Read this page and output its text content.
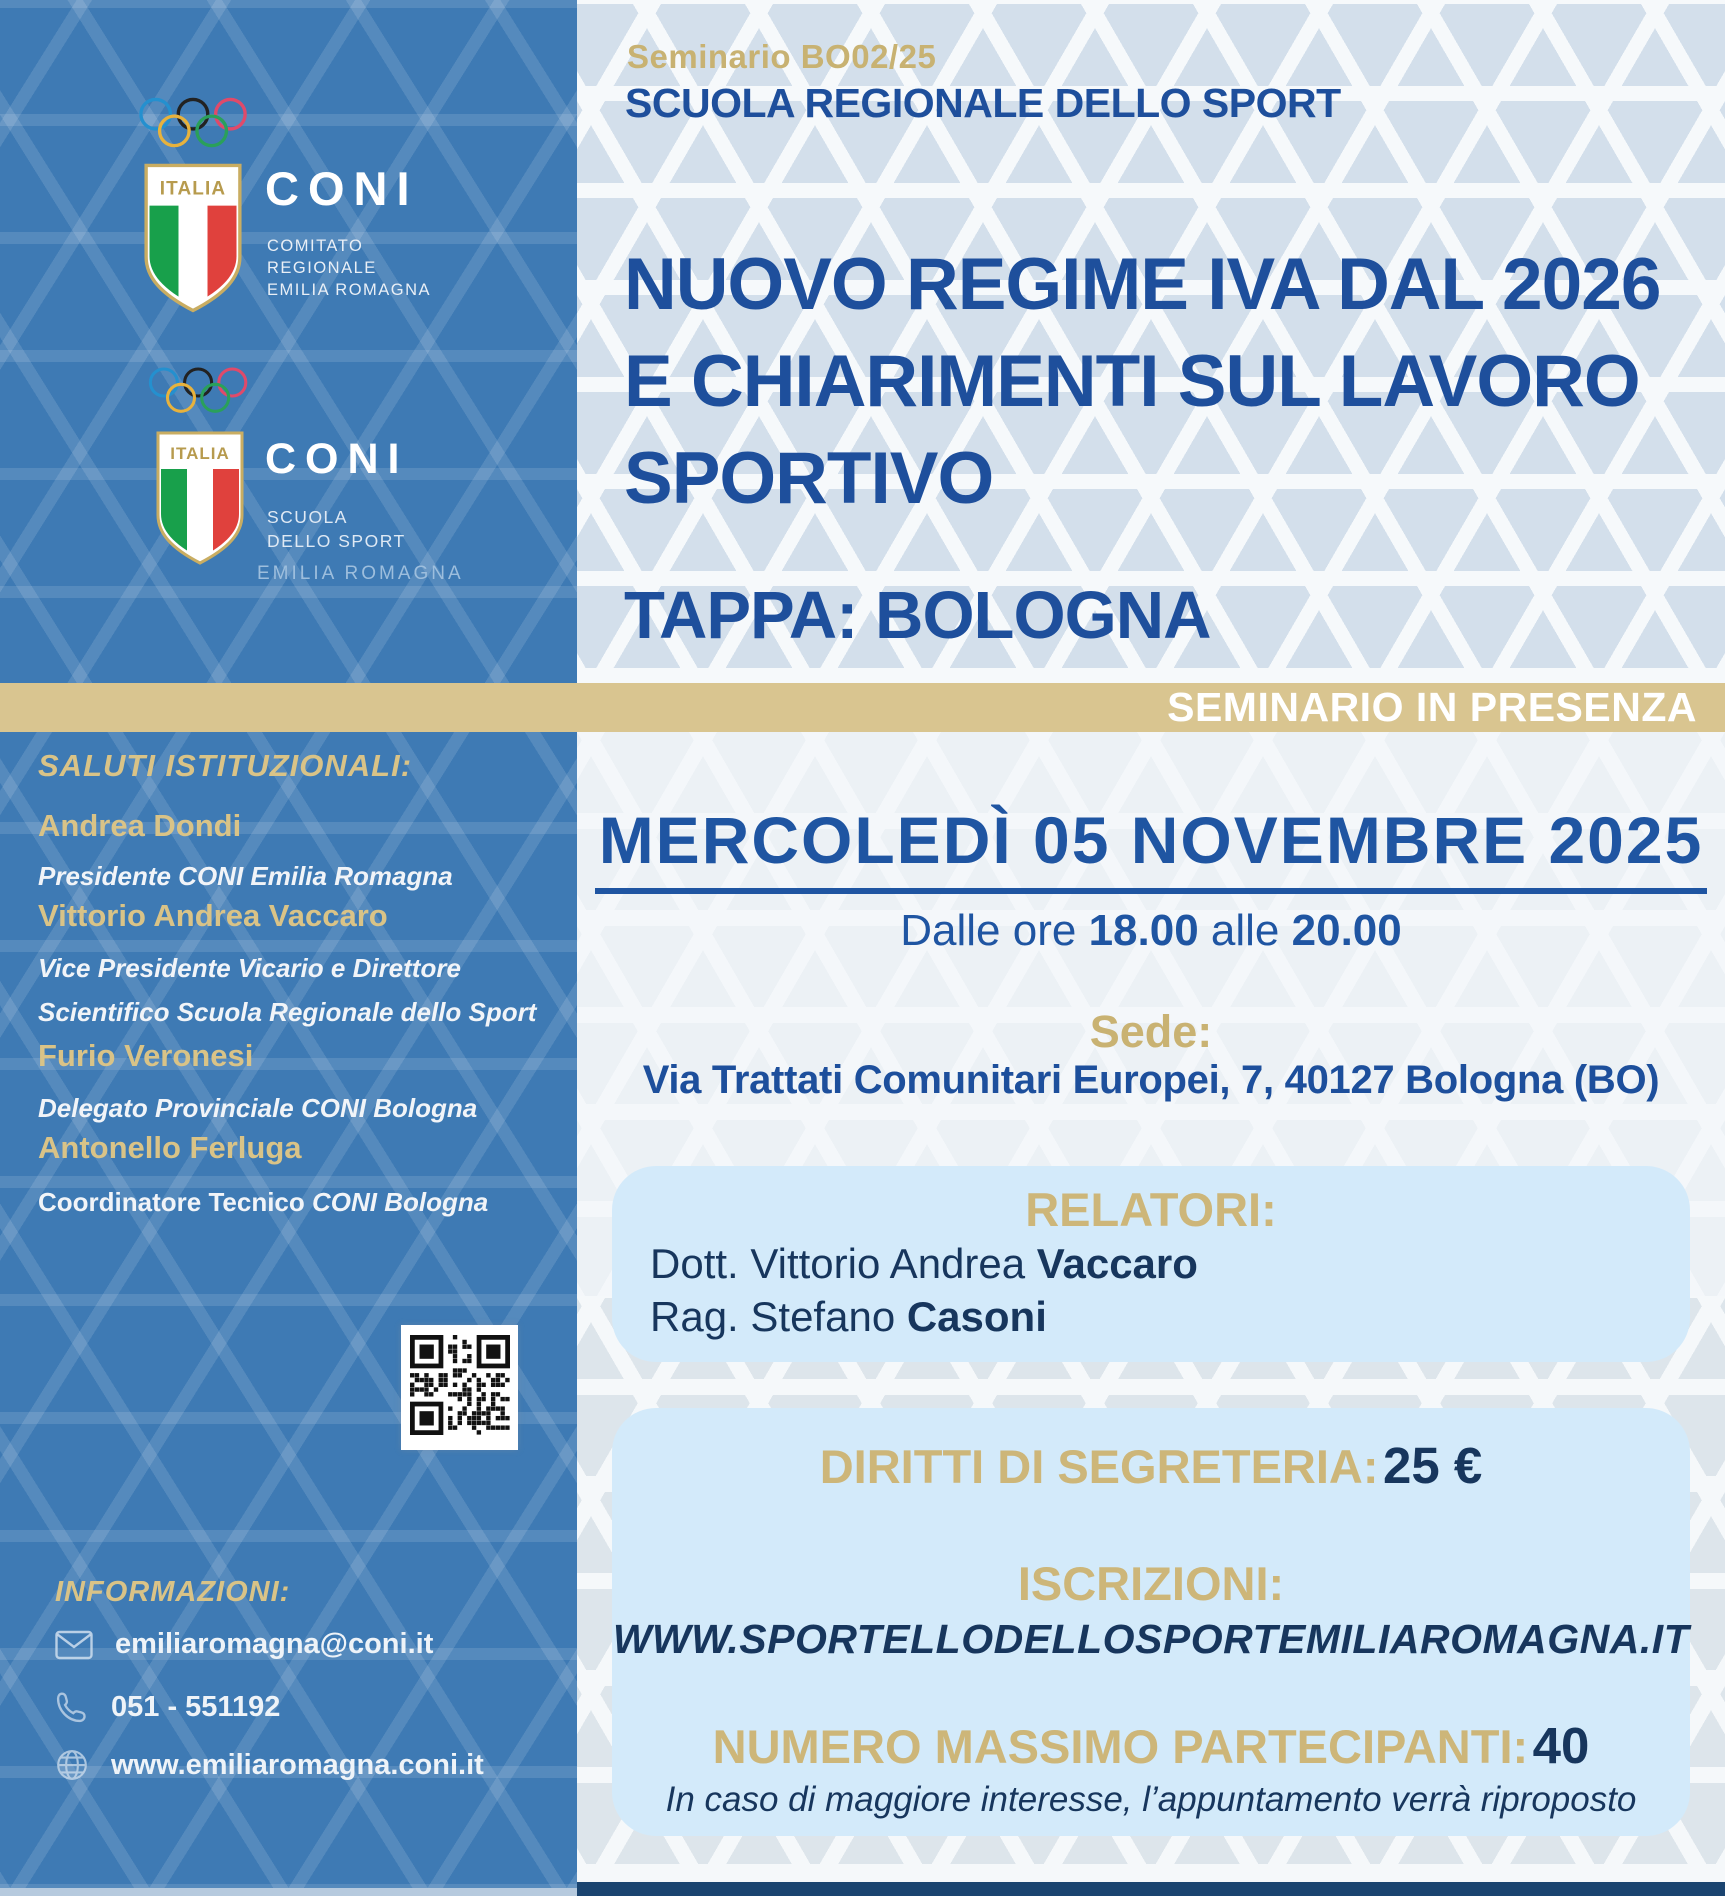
ITALIA CONI
COMITATO
REGIONALE
EMILIA ROMAGNA
ITALIA CONI
SCUOLA
DELLO SPORT
EMILIA ROMAGNA
SALUTI ISTITUZIONALI:
Andrea Dondi
Presidente CONI Emilia Romagna
Vittorio Andrea Vaccaro
Vice Presidente Vicario e Direttore Scientifico Scuola Regionale dello Sport
Furio Veronesi
Delegato Provinciale CONI Bologna
Antonello Ferluga
Coordinatore Tecnico CONI Bologna
INFORMAZIONI:
emiliaromagna@coni.it
051 - 551192
www.emiliaromagna.coni.it
Seminario BO02/25
SCUOLA REGIONALE DELLO SPORT
NUOVO REGIME IVA DAL 2026
E CHIARIMENTI SUL LAVORO
SPORTIVO
TAPPA: BOLOGNA
SEMINARIO IN PRESENZA
MERCOLEDÌ 05 NOVEMBRE 2025
Dalle ore 18.00 alle 20.00
Sede:
Via Trattati Comunitari Europei, 7, 40127 Bologna (BO)
RELATORI:
Dott. Vittorio Andrea Vaccaro
Rag. Stefano Casoni
DIRITTI DI SEGRETERIA: 25 €
ISCRIZIONI:
WWW.SPORTELLODELLOSPORTEMILIAROMAGNA.IT
NUMERO MASSIMO PARTECIPANTI: 40
In caso di maggiore interesse, l’appuntamento verrà riproposto
